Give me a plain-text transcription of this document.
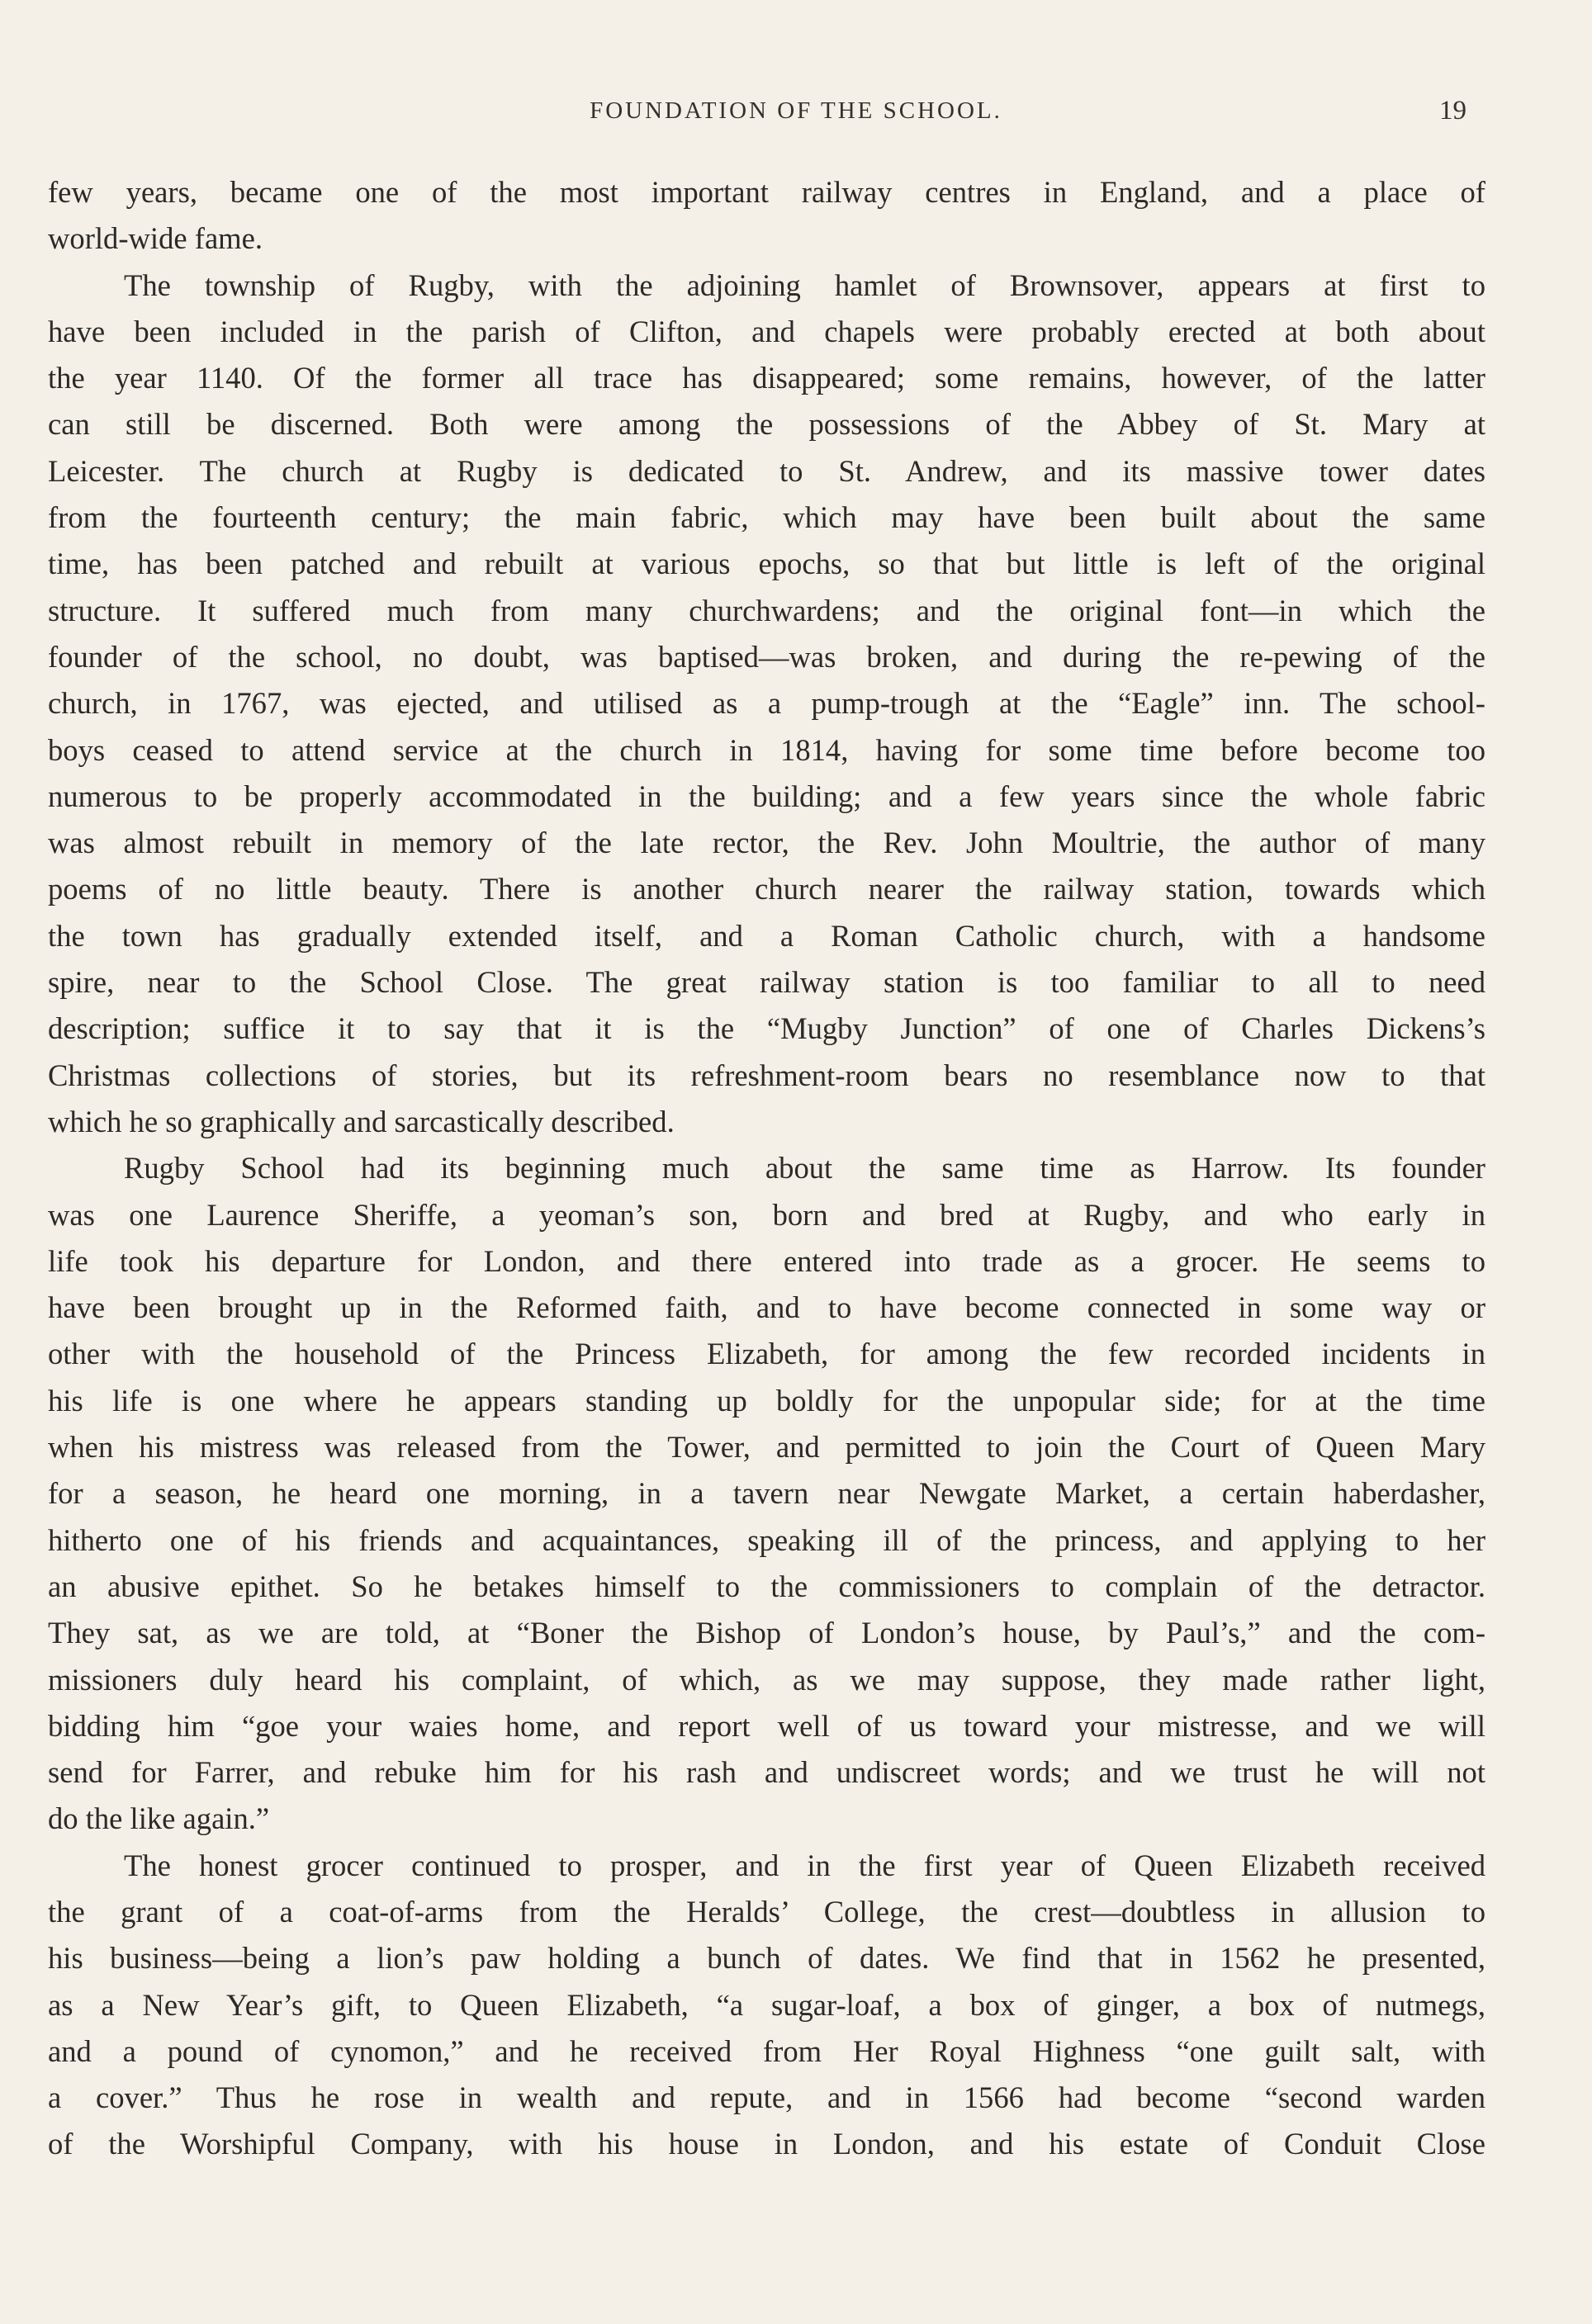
FOUNDATION OF THE SCHOOL.	19
few years, became one of the most important railway centres in England, and a place of
world-wide fame.
The township of Rugby, with the adjoining hamlet of Brownsover, appears at first to
have been included in the parish of Clifton, and chapels were probably erected at both about
the year 1140. Of the former all trace has disappeared; some remains, however, of the latter
can still be discerned. Both were among the possessions of the Abbey of St. Mary at
Leicester. The church at Rugby is dedicated to St. Andrew, and its massive tower dates
from the fourteenth century; the main fabric, which may have been built about the same
time, has been patched and rebuilt at various epochs, so that but little is left of the original
structure. It suffered much from many churchwardens; and the original font—in which the
founder of the school, no doubt, was baptised—was broken, and during the re-pewing of the
church, in 1767, was ejected, and utilised as a pump-trough at the “Eagle” inn. The school-
boys ceased to attend service at the church in 1814, having for some time before become too
numerous to be properly accommodated in the building; and a few years since the whole fabric
was almost rebuilt in memory of the late rector, the Rev. John Moultrie, the author of many
poems of no little beauty. There is another church nearer the railway station, towards which
the town has gradually extended itself, and a Roman Catholic church, with a handsome
spire, near to the School Close. The great railway station is too familiar to all to need
description; suffice it to say that it is the “Mugby Junction” of one of Charles Dickens’s
Christmas collections of stories, but its refreshment-room bears no resemblance now to that
which he so graphically and sarcastically described.
Rugby School had its beginning much about the same time as Harrow. Its founder
was one Laurence Sheriffe, a yeoman’s son, born and bred at Rugby, and who early in
life took his departure for London, and there entered into trade as a grocer. He seems to
have been brought up in the Reformed faith, and to have become connected in some way or
other with the household of the Princess Elizabeth, for among the few recorded incidents in
his life is one where he appears standing up boldly for the unpopular side; for at the time
when his mistress was released from the Tower, and permitted to join the Court of Queen Mary
for a season, he heard one morning, in a tavern near Newgate Market, a certain haberdasher,
hitherto one of his friends and acquaintances, speaking ill of the princess, and applying to her
an abusive epithet. So he betakes himself to the commissioners to complain of the detractor.
They sat, as we are told, at “Boner the Bishop of London’s house, by Paul’s,” and the com-
missioners duly heard his complaint, of which, as we may suppose, they made rather light,
bidding him “goe your waies home, and report well of us toward your mistresse, and we will
send for Farrer, and rebuke him for his rash and undiscreet words; and we trust he will not
do the like again.”
The honest grocer continued to prosper, and in the first year of Queen Elizabeth received
the grant of a coat-of-arms from the Heralds’ College, the crest—doubtless in allusion to
his business—being a lion’s paw holding a bunch of dates. We find that in 1562 he presented,
as a New Year’s gift, to Queen Elizabeth, “a sugar-loaf, a box of ginger, a box of nutmegs,
and a pound of cynomon,” and he received from Her Royal Highness “one guilt salt, with
a cover.” Thus he rose in wealth and repute, and in 1566 had become “second warden
of the Worshipful Company, with his house in London, and his estate of Conduit Close
